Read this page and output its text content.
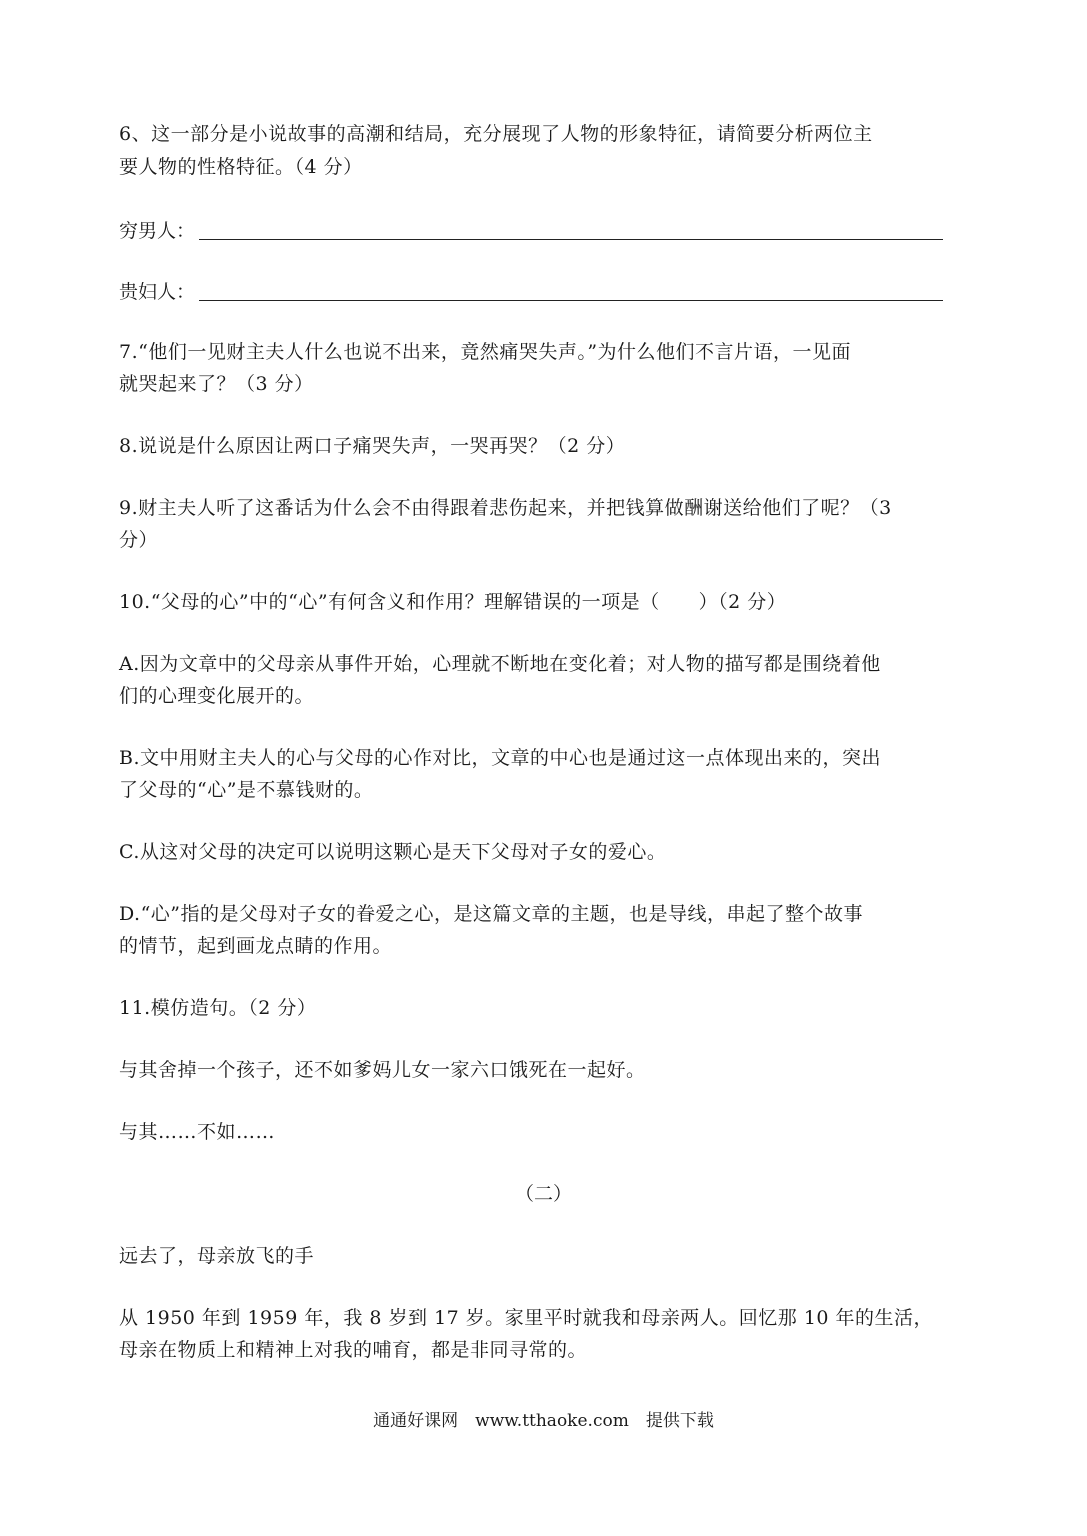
6、这一部分是小说故事的高潮和结局，充分展现了人物的形象特征，请简要分析两位主
要人物的性格特征。（4 分）
穷男人：
贵妇人：
7.“他们一见财主夫人什么也说不出来，竟然痛哭失声。”为什么他们不言片语，一见面
就哭起来了？（3 分）
8.说说是什么原因让两口子痛哭失声，一哭再哭？（2 分）
9.财主夫人听了这番话为什么会不由得跟着悲伤起来，并把钱算做酬谢送给他们了呢？（3
分）
10.“父母的心”中的“心”有何含义和作用？理解错误的一项是（　　）（2 分）
A.因为文章中的父母亲从事件开始，心理就不断地在变化着；对人物的描写都是围绕着他
们的心理变化展开的。
B.文中用财主夫人的心与父母的心作对比，文章的中心也是通过这一点体现出来的，突出
了父母的“心”是不慕钱财的。
C.从这对父母的决定可以说明这颗心是天下父母对子女的爱心。
D.“心”指的是父母对子女的眷爱之心，是这篇文章的主题，也是导线，串起了整个故事
的情节，起到画龙点睛的作用。
11.模仿造句。（2 分）
与其舍掉一个孩子，还不如爹妈儿女一家六口饿死在一起好。
与其……不如……
（二）
远去了，母亲放飞的手
从 1950 年到 1959 年，我 8 岁到 17 岁。家里平时就我和母亲两人。回忆那 10 年的生活，
母亲在物质上和精神上对我的哺育，都是非同寻常的。
通通好课网　www.tthaoke.com　提供下载
